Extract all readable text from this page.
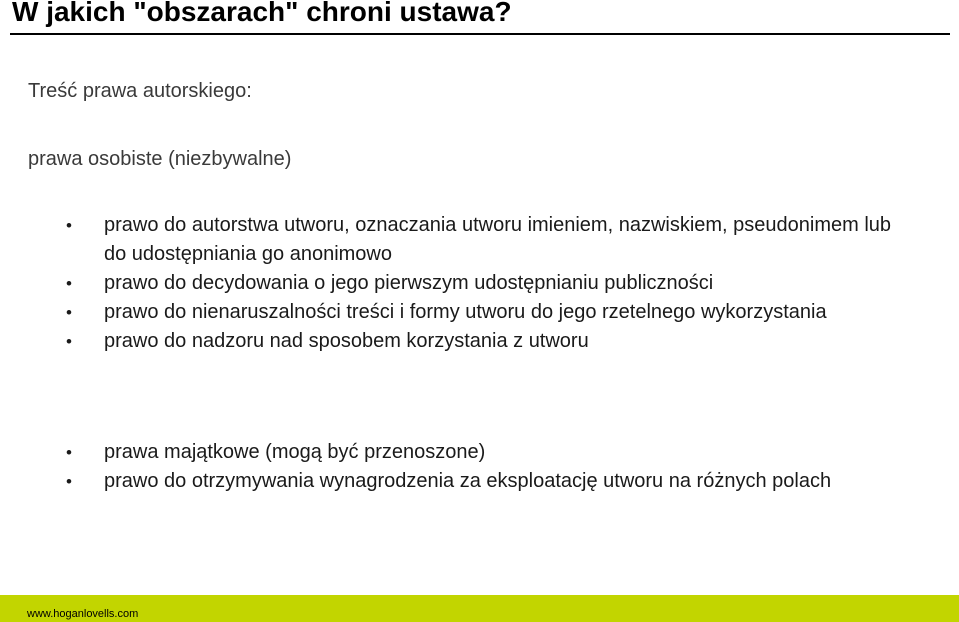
W jakich "obszarach" chroni ustawa?
Treść prawa autorskiego:
prawa osobiste (niezbywalne)
• prawo do autorstwa utworu, oznaczania utworu imieniem, nazwiskiem, pseudonimem lub do udostępniania go anonimowo
• prawo do decydowania o jego pierwszym udostępnianiu publiczności
• prawo do nienaruszalności treści i formy utworu do jego rzetelnego wykorzystania
• prawo do nadzoru nad sposobem korzystania z utworu
• prawa majątkowe (mogą być przenoszone)
• prawo do otrzymywania wynagrodzenia za eksploatację utworu na różnych polach
www.hoganlovells.com
